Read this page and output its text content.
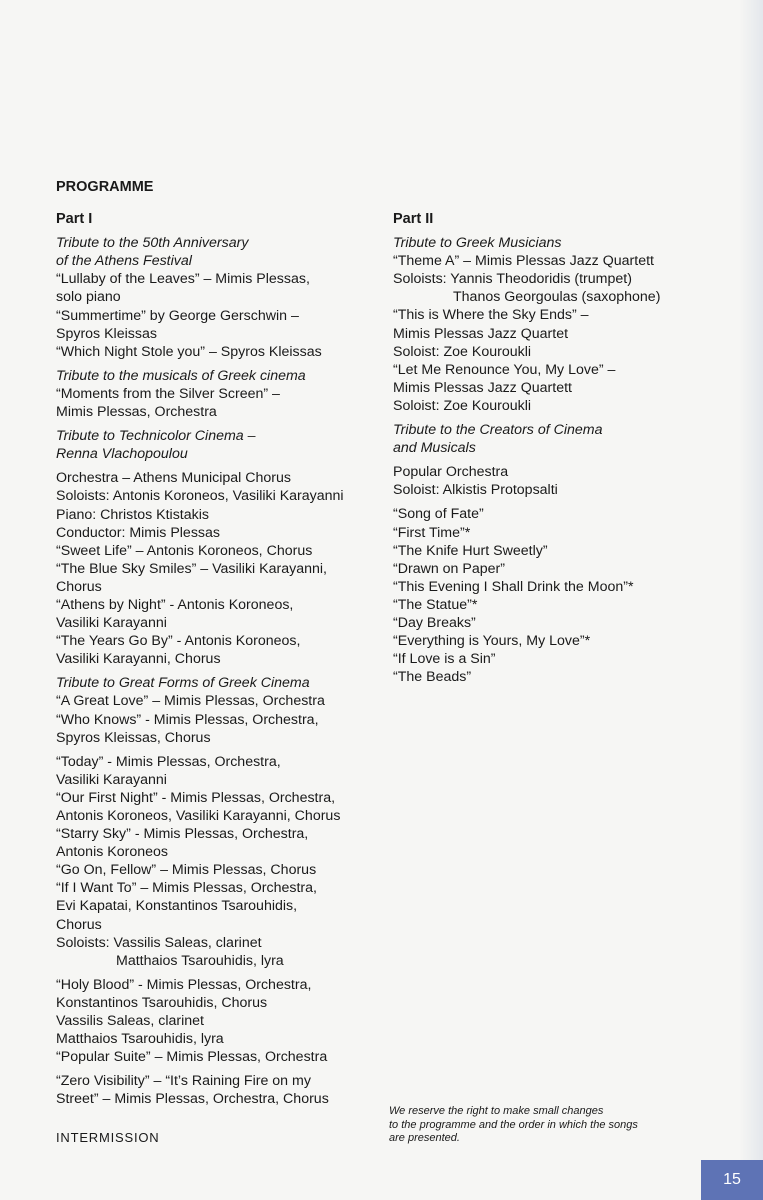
PROGRAMME
Part I
Tribute to the 50th Anniversary
of the Athens Festival
“Lullaby of the Leaves” – Mimis Plessas,
solo piano
“Summertime” by George Gerschwin –
Spyros Kleissas
“Which Night Stole you” – Spyros Kleissas
Tribute to the musicals of Greek cinema
“Moments from the Silver Screen” –
Mimis Plessas, Orchestra
Tribute to Technicolor Cinema –
Renna Vlachopoulou
Orchestra – Athens Municipal Chorus
Soloists: Antonis Koroneos, Vasiliki Karayanni
Piano: Christos Ktistakis
Conductor: Mimis Plessas
“Sweet Life” – Antonis Koroneos, Chorus
“The Blue Sky Smiles” – Vasiliki Karayanni,
Chorus
“Athens by Night” - Antonis Koroneos,
Vasiliki Karayanni
“The Years Go By” - Antonis Koroneos,
Vasiliki Karayanni, Chorus
Tribute to Great Forms of Greek Cinema
“A Great Love” – Mimis Plessas, Orchestra
“Who Knows” - Mimis Plessas, Orchestra,
Spyros Kleissas, Chorus
“Today” - Mimis Plessas, Orchestra,
Vasiliki Karayanni
“Our First Night” - Mimis Plessas, Orchestra,
Antonis Koroneos, Vasiliki Karayanni, Chorus
“Starry Sky” - Mimis Plessas, Orchestra,
Antonis Koroneos
“Go On, Fellow” – Mimis Plessas, Chorus
“If I Want To” – Mimis Plessas, Orchestra,
Evi Kapatai, Konstantinos Tsarouhidis,
Chorus
Soloists: Vassilis Saleas, clarinet
Matthaios Tsarouhidis, lyra
“Holy Blood” - Mimis Plessas, Orchestra,
Konstantinos Tsarouhidis, Chorus
Vassilis Saleas, clarinet
Matthaios Tsarouhidis, lyra
“Popular Suite” – Mimis Plessas, Orchestra
“Zero Visibility” – “It’s Raining Fire on my
Street” – Mimis Plessas, Orchestra, Chorus
Part II
Tribute to Greek Musicians
“Theme A” – Mimis Plessas Jazz Quartett
Soloists: Yannis Theodoridis (trumpet)
Thanos Georgoulas (saxophone)
“This is Where the Sky Ends” –
Mimis Plessas Jazz Quartet
Soloist: Zoe Kouroukli
“Let Me Renounce You, My Love” –
Mimis Plessas Jazz Quartett
Soloist: Zoe Kouroukli
Tribute to the Creators of Cinema
and Musicals
Popular Orchestra
Soloist: Alkistis Protopsalti
“Song of Fate”
“First Time”*
“The Knife Hurt Sweetly”
“Drawn on Paper”
“This Evening I Shall Drink the Moon”*
“The Statue”*
“Day Breaks”
“Everything is Yours, My Love”*
“If Love is a Sin”
“The Beads”
INTERMISSION
We reserve the right to make small changes
to the programme and the order in which the songs
are presented.
15
